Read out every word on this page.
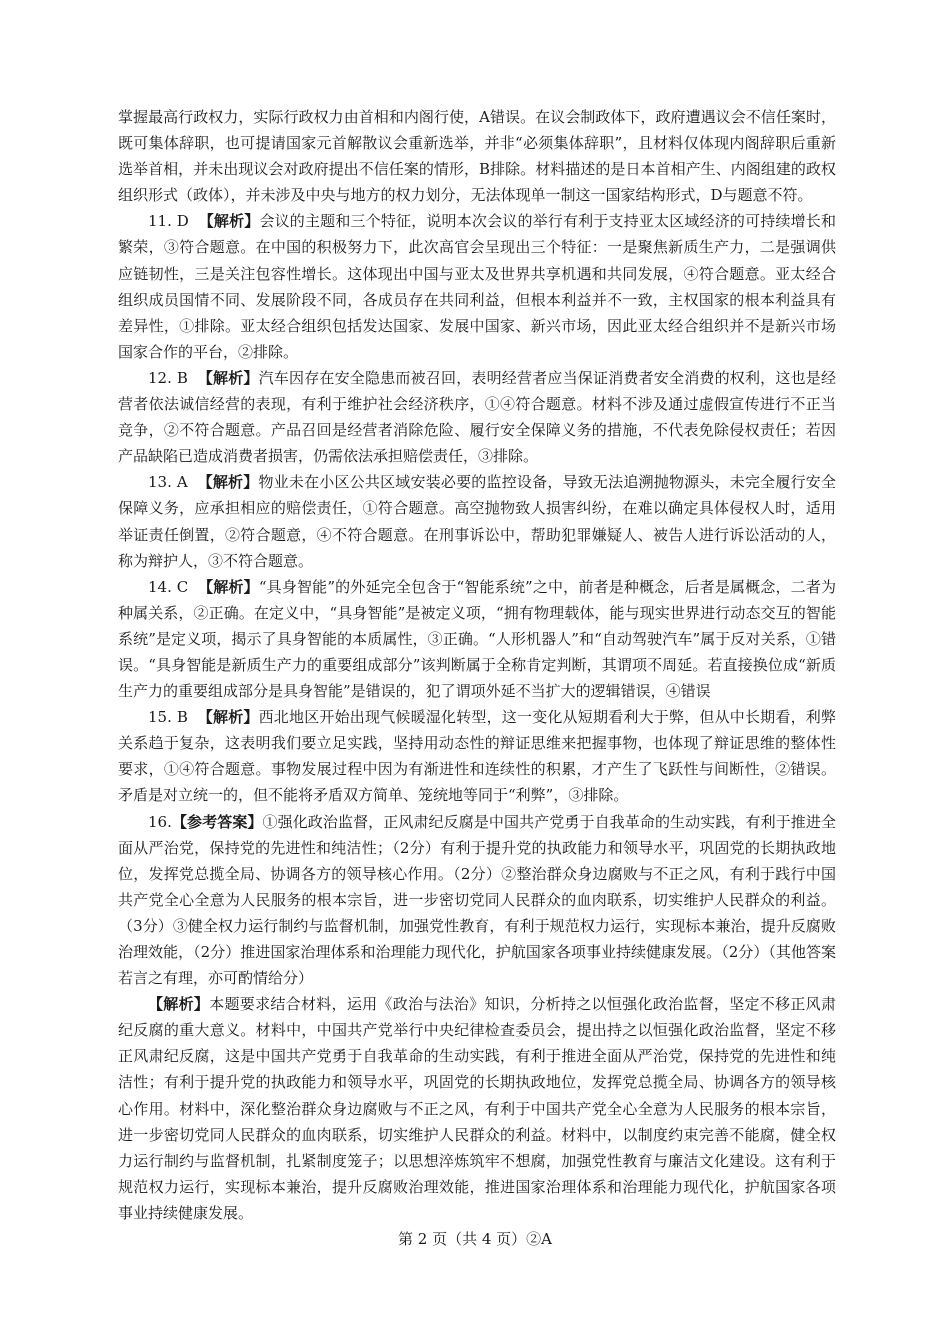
掌握最高行政权力，实际行政权力由首相和内阁行使，A错误。在议会制政体下，政府遭遇议会不信任案时，既可集体辞职，也可提请国家元首解散议会重新选举，并非“必须集体辞职”，且材料仅体现内阁辞职后重新选举首相，并未出现议会对政府提出不信任案的情形，B排除。材料描述的是日本首相产生、内阁组建的政权组织形式（政体），并未涉及中央与地方的权力划分，无法体现单一制这一国家结构形式，D与题意不符。

11. D 【解析】会议的主题和三个特征，说明本次会议的举行有利于支持亚太区域经济的可持续增长和繁荣，③符合题意。在中国的积极努力下，此次高官会呈现出三个特征：一是聚焦新质生产力，二是强调供应链韧性，三是关注包容性增长。这体现出中国与亚太及世界共享机遇和共同发展，④符合题意。亚太经合组织成员国情不同、发展阶段不同，各成员存在共同利益，但根本利益并不一致，主权国家的根本利益具有差异性，①排除。亚太经合组织包括发达国家、发展中国家、新兴市场，因此亚太经合组织并不是新兴市场国家合作的平台，②排除。

12. B 【解析】汽车因存在安全隐患而被召回，表明经营者应当保证消费者安全消费的权利，这也是经营者依法诚信经营的表现，有利于维护社会经济秩序，①④符合题意。材料不涉及通过虚假宣传进行不正当竞争，②不符合题意。产品召回是经营者消除危险、履行安全保障义务的措施，不代表免除侵权责任；若因产品缺陷已造成消费者损害，仍需依法承担赔偿责任，③排除。

13. A 【解析】物业未在小区公共区域安装必要的监控设备，导致无法追溯抛物源头，未完全履行安全保障义务，应承担相应的赔偿责任，①符合题意。高空抛物致人损害纠纷，在难以确定具体侵权人时，适用举证责任倒置，②符合题意，④不符合题意。在刑事诉讼中，帮助犯罪嫌疑人、被告人进行诉讼活动的人，称为辩护人，③不符合题意。

14. C 【解析】“具身智能”的外延完全包含于“智能系统”之中，前者是种概念，后者是属概念，二者为种属关系，②正确。在定义中，“具身智能”是被定义项，“拥有物理载体，能与现实世界进行动态交互的智能系统”是定义项，揭示了具身智能的本质属性，③正确。“人形机器人”和“自动驾驶汽车”属于反对关系，①错误。“具身智能是新质生产力的重要组成部分”该判断属于全称肯定判断，其谓项不周延。若直接换位成“新质生产力的重要组成部分是具身智能”是错误的，犯了谓项外延不当扩大的逻辑错误，④错误

15. B 【解析】西北地区开始出现气候暖湿化转型，这一变化从短期看利大于弊，但从中长期看，利弊关系趋于复杂，这表明我们要立足实践，坚持用动态性的辩证思维来把握事物，也体现了辩证思维的整体性要求，①④符合题意。事物发展过程中因为有渐进性和连续性的积累，才产生了飞跃性与间断性，②错误。矛盾是对立统一的，但不能将矛盾双方简单、笼统地等同于“利弊”，③排除。

16.【参考答案】①强化政治监督，正风肃纪反腐是中国共产党勇于自我革命的生动实践，有利于推进全面从严治党，保持党的先进性和纯洁性；（2分）有利于提升党的执政能力和领导水平，巩固党的长期执政地位，发挥党总揽全局、协调各方的领导核心作用。（2分）②整治群众身边腐败与不正之风，有利于践行中国共产党全心全意为人民服务的根本宗旨，进一步密切党同人民群众的血肉联系，切实维护人民群众的利益。（3分）③健全权力运行制约与监督机制，加强党性教育，有利于规范权力运行，实现标本兼治，提升反腐败治理效能，（2分）推进国家治理体系和治理能力现代化，护航国家各项事业持续健康发展。（2分）（其他答案若言之有理，亦可酌情给分）

【解析】本题要求结合材料，运用《政治与法治》知识，分析持之以恒强化政治监督，坚定不移正风肃纪反腐的重大意义。材料中，中国共产党举行中央纪律检查委员会，提出持之以恒强化政治监督，坚定不移正风肃纪反腐，这是中国共产党勇于自我革命的生动实践，有利于推进全面从严治党，保持党的先进性和纯洁性；有利于提升党的执政能力和领导水平，巩固党的长期执政地位，发挥党总揽全局、协调各方的领导核心作用。材料中，深化整治群众身边腐败与不正之风，有利于中国共产党全心全意为人民服务的根本宗旨，进一步密切党同人民群众的血肉联系，切实维护人民群众的利益。材料中，以制度约束完善不能腐，健全权力运行制约与监督机制，扎紧制度笼子；以思想淬炼筑牢不想腐，加强党性教育与廉洁文化建设。这有利于规范权力运行，实现标本兼治，提升反腐败治理效能，推进国家治理体系和治理能力现代化，护航国家各项事业持续健康发展。

第 2 页（共 4 页）②A
